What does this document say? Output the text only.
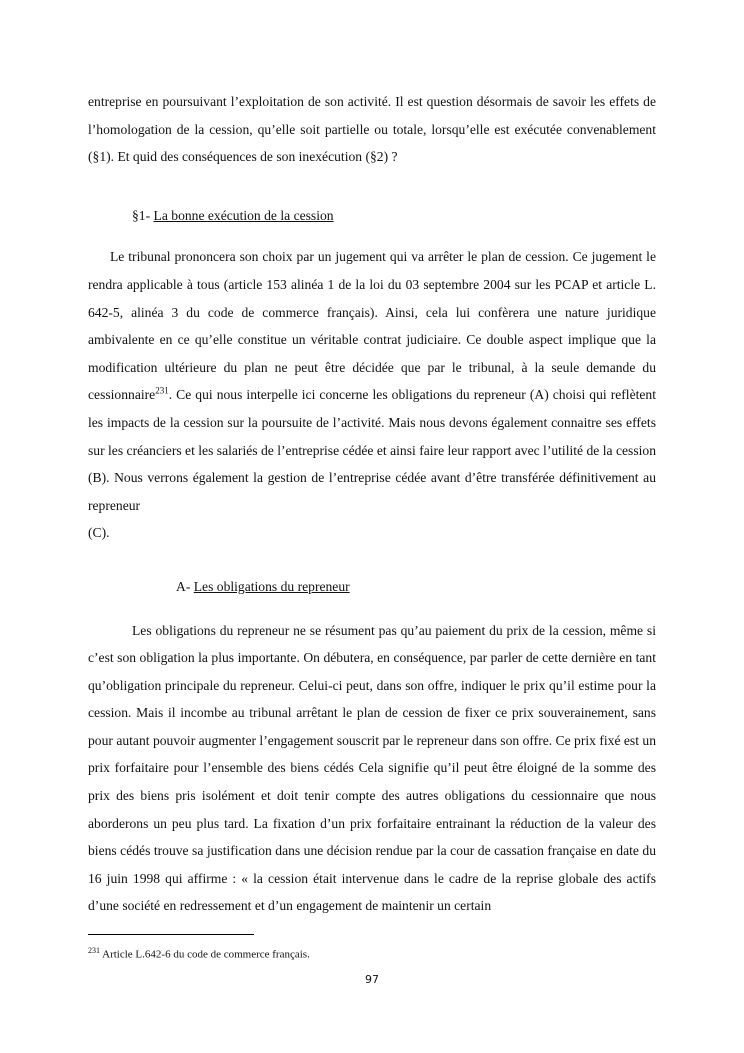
entreprise en poursuivant l’exploitation de son activité. Il est question désormais de savoir les effets de l’homologation de la cession, qu’elle soit partielle ou totale, lorsqu’elle est exécutée convenablement (§1). Et quid des conséquences de son inexécution (§2) ?

§1- La bonne exécution de la cession

Le tribunal prononcera son choix par un jugement qui va arrêter le plan de cession. Ce jugement le rendra applicable à tous (article 153 alinéa 1 de la loi du 03 septembre 2004 sur les PCAP et article L. 642-5, alinéa 3 du code de commerce français). Ainsi, cela lui confèrera une nature juridique ambivalente en ce qu’elle constitue un véritable contrat judiciaire. Ce double aspect implique que la modification ultérieure du plan ne peut être décidée que par le tribunal, à la seule demande du cessionnaire$^{231}$. Ce qui nous interpelle ici concerne les obligations du repreneur (A) choisi qui reflètent les impacts de la cession sur la poursuite de l’activité. Mais nous devons également connaitre ses effets sur les créanciers et les salariés de l’entreprise cédée et ainsi faire leur rapport avec l’utilité de la cession (B). Nous verrons également la gestion de l’entreprise cédée avant d’être transférée définitivement au repreneur
(C).

A- Les obligations du repreneur

Les obligations du repreneur ne se résument pas qu’au paiement du prix de la cession, même si c’est son obligation la plus importante. On débutera, en conséquence, par parler de cette dernière en tant qu’obligation principale du repreneur. Celui-ci peut, dans son offre, indiquer le prix qu’il estime pour la cession. Mais il incombe au tribunal arrêtant le plan de cession de fixer ce prix souverainement, sans pour autant pouvoir augmenter l’engagement souscrit par le repreneur dans son offre. Ce prix fixé est un prix forfaitaire pour l’ensemble des biens cédés Cela signifie qu’il peut être éloigné de la somme des prix des biens pris isolément et doit tenir compte des autres obligations du cessionnaire que nous aborderons un peu plus tard. La fixation d’un prix forfaitaire entrainant la réduction de la valeur des biens cédés trouve sa justification dans une décision rendue par la cour de cassation française en date du 16 juin 1998 qui affirme : « la cession était intervenue dans le cadre de la reprise globale des actifs d’une société en redressement et d’un engagement de maintenir un certain

$^{231}$ Article L.642-6 du code de commerce français.
97
